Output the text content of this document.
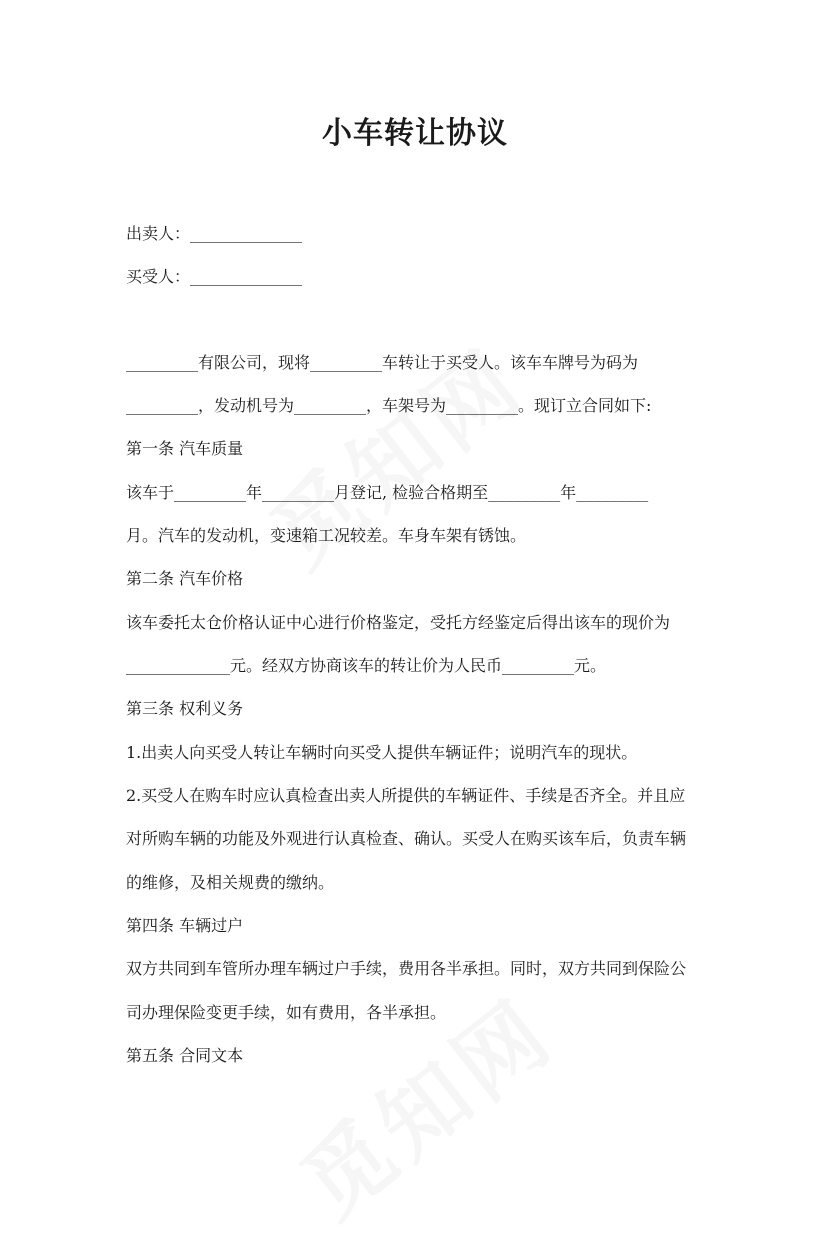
小车转让协议
出卖人：______________
买受人：______________
_________有限公司，现将_________车转让于买受人。该车车牌号为码为
_________，发动机号为_________，车架号为_________。现订立合同如下:
第一条 汽车质量
该车于_________年_________月登记, 检验合格期至_________年_________
月。汽车的发动机，变速箱工况较差。车身车架有锈蚀。
第二条 汽车价格
该车委托太仓价格认证中心进行价格鉴定，受托方经鉴定后得出该车的现价为
_____________元。经双方协商该车的转让价为人民币_________元。
第三条 权利义务
1.出卖人向买受人转让车辆时向买受人提供车辆证件；说明汽车的现状。
2.买受人在购车时应认真检查出卖人所提供的车辆证件、手续是否齐全。并且应
对所购车辆的功能及外观进行认真检查、确认。买受人在购买该车后，负责车辆
的维修，及相关规费的缴纳。
第四条 车辆过户
双方共同到车管所办理车辆过户手续，费用各半承担。同时，双方共同到保险公
司办理保险变更手续，如有费用，各半承担。
第五条 合同文本
